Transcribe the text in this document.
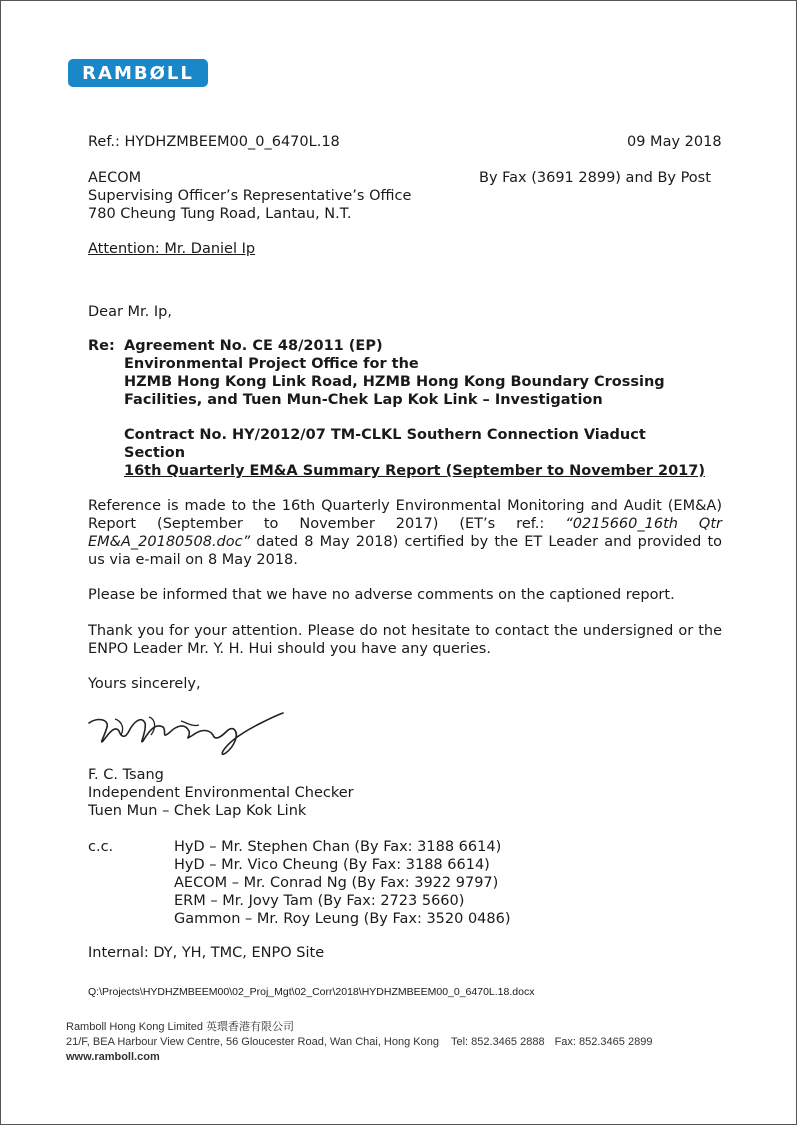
RAMBØLL
Ref.: HYDHZMBEEM00_0_6470L.18	09 May 2018
AECOM
Supervising Officer’s Representative’s Office
780 Cheung Tung Road, Lantau, N.T.
By Fax (3691 2899) and By Post
Attention: Mr. Daniel Ip
Dear Mr. Ip,
Re: Agreement No. CE 48/2011 (EP)
Environmental Project Office for the
HZMB Hong Kong Link Road, HZMB Hong Kong Boundary Crossing
Facilities, and Tuen Mun-Chek Lap Kok Link – Investigation
Contract No. HY/2012/07 TM-CLKL Southern Connection Viaduct
Section
16th Quarterly EM&A Summary Report (September to November 2017)
Reference is made to the 16th Quarterly Environmental Monitoring and Audit (EM&A) Report (September to November 2017) (ET’s ref.: “0215660_16th Qtr EM&A_20180508.doc” dated 8 May 2018) certified by the ET Leader and provided to us via e-mail on 8 May 2018.
Please be informed that we have no adverse comments on the captioned report.
Thank you for your attention. Please do not hesitate to contact the undersigned or the ENPO Leader Mr. Y. H. Hui should you have any queries.
Yours sincerely,
F. C. Tsang
Independent Environmental Checker
Tuen Mun – Chek Lap Kok Link
c.c.	HyD – Mr. Stephen Chan (By Fax: 3188 6614)
HyD – Mr. Vico Cheung (By Fax: 3188 6614)
AECOM – Mr. Conrad Ng (By Fax: 3922 9797)
ERM – Mr. Jovy Tam (By Fax: 2723 5660)
Gammon – Mr. Roy Leung (By Fax: 3520 0486)
Internal: DY, YH, TMC, ENPO Site
Q:\Projects\HYDHZMBEEM00\02_Proj_Mgt\02_Corr\2018\HYDHZMBEEM00_0_6470L.18.docx
Ramboll Hong Kong Limited 英環香港有限公司
21/F, BEA Harbour View Centre, 56 Gloucester Road, Wan Chai, Hong Kong Tel: 852.3465 2888 Fax: 852.3465 2899
www.ramboll.com
